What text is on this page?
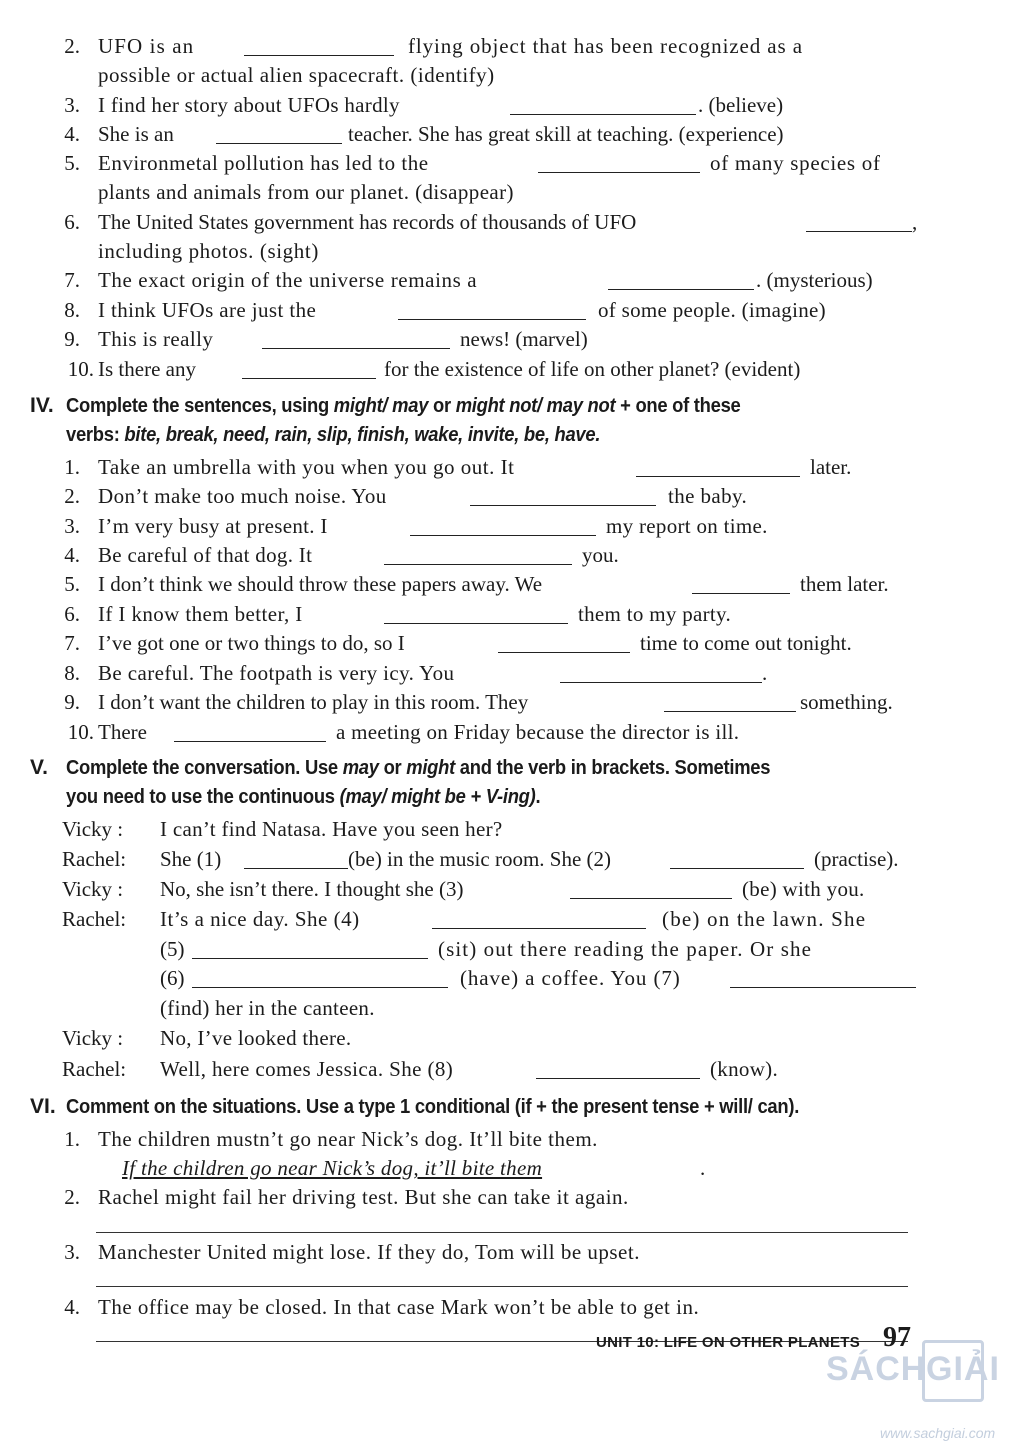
2. UFO is an	flying object that has been recognized as a
possible or actual alien spacecraft. (identify)
3. I find her story about UFOs hardly	. (believe)
4. She is an	teacher. She has great skill at teaching. (experience)
5. Environmetal pollution has led to the	of many species of
plants and animals from our planet. (disappear)
6. The United States government has records of thousands of UFO	,
including photos. (sight)
7. The exact origin of the universe remains a	. (mysterious)
8. I think UFOs are just the	of some people. (imagine)
9. This is really	news! (marvel)
10. Is there any	for the existence of life on other planet? (evident)
IV. Complete the sentences, using might/ may or might not/ may not + one of these
verbs: bite, break, need, rain, slip, finish, wake, invite, be, have.
1. Take an umbrella with you when you go out. It	later.
2. Don’t make too much noise. You	the baby.
3. I’m very busy at present. I	my report on time.
4. Be careful of that dog. It	you.
5. I don’t think we should throw these papers away. We	them later.
6. If I know them better, I	them to my party.
7. I’ve got one or two things to do, so I	time to come out tonight.
8. Be careful. The footpath is very icy. You	.
9. I don’t want the children to play in this room. They	something.
10. There	a meeting on Friday because the director is ill.
V. Complete the conversation. Use may or might and the verb in brackets. Sometimes
you need to use the continuous (may/ might be + V-ing).
Vicky :	I can’t find Natasa. Have you seen her?
Rachel:	She (1)	(be) in the music room. She (2)	(practise).
Vicky :	No, she isn’t there. I thought she (3)	(be) with you.
Rachel:	It’s a nice day. She (4)	(be) on the lawn. She
(5)	(sit) out there reading the paper. Or she
(6)	(have) a coffee. You (7)
(find) her in the canteen.
Vicky :	No, I’ve looked there.
Rachel:	Well, here comes Jessica. She (8)	(know).
VI. Comment on the situations. Use a type 1 conditional (if + the present tense + will/ can).
1. The children mustn’t go near Nick’s dog. It’ll bite them.
If the children go near Nick’s dog, it’ll bite them	.
2. Rachel might fail her driving test. But she can take it again.
3. Manchester United might lose. If they do, Tom will be upset.
4. The office may be closed. In that case Mark won’t be able to get in.
SÁCH GIẢI
UNIT 10: LIFE ON OTHER PLANETS 97
www.sachgiai.com
